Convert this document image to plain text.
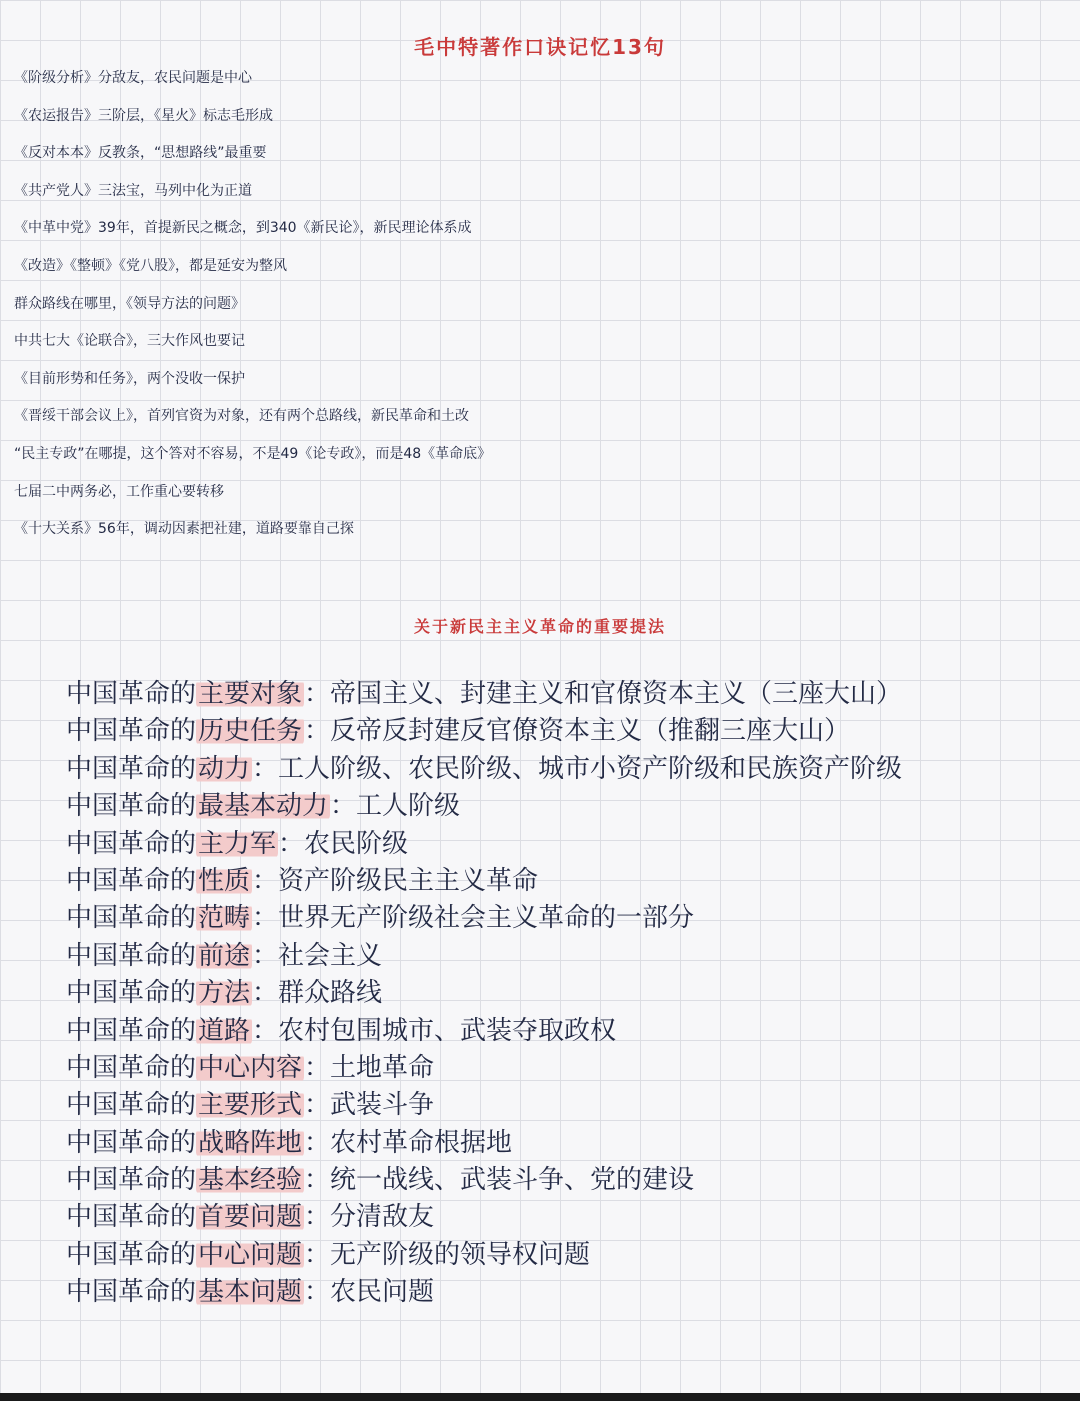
毛中特著作口诀记忆13句
《阶级分析》分敌友，农民问题是中心
《农运报告》三阶层，《星火》标志毛形成
《反对本本》反教条，“思想路线”最重要
《共产党人》三法宝，马列中化为正道
《中革中党》39年，首提新民之概念，到340《新民论》，新民理论体系成
《改造》《整顿》《党八股》，都是延安为整风
群众路线在哪里，《领导方法的问题》
中共七大《论联合》，三大作风也要记
《目前形势和任务》，两个没收一保护
《晋绥干部会议上》，首列官资为对象，还有两个总路线，新民革命和土改
“民主专政”在哪提，这个答对不容易，不是49《论专政》，而是48《革命底》
七届二中两务必，工作重心要转移
《十大关系》56年，调动因素把社建，道路要靠自己探
关于新民主主义革命的重要提法
中国革命的主要对象：帝国主义、封建主义和官僚资本主义（三座大山）
中国革命的历史任务：反帝反封建反官僚资本主义（推翻三座大山）
中国革命的动力：工人阶级、农民阶级、城市小资产阶级和民族资产阶级
中国革命的最基本动力：工人阶级
中国革命的主力军：农民阶级
中国革命的性质：资产阶级民主主义革命
中国革命的范畴：世界无产阶级社会主义革命的一部分
中国革命的前途：社会主义
中国革命的方法：群众路线
中国革命的道路：农村包围城市、武装夺取政权
中国革命的中心内容：土地革命
中国革命的主要形式：武装斗争
中国革命的战略阵地：农村革命根据地
中国革命的基本经验：统一战线、武装斗争、党的建设
中国革命的首要问题：分清敌友
中国革命的中心问题：无产阶级的领导权问题
中国革命的基本问题：农民问题
